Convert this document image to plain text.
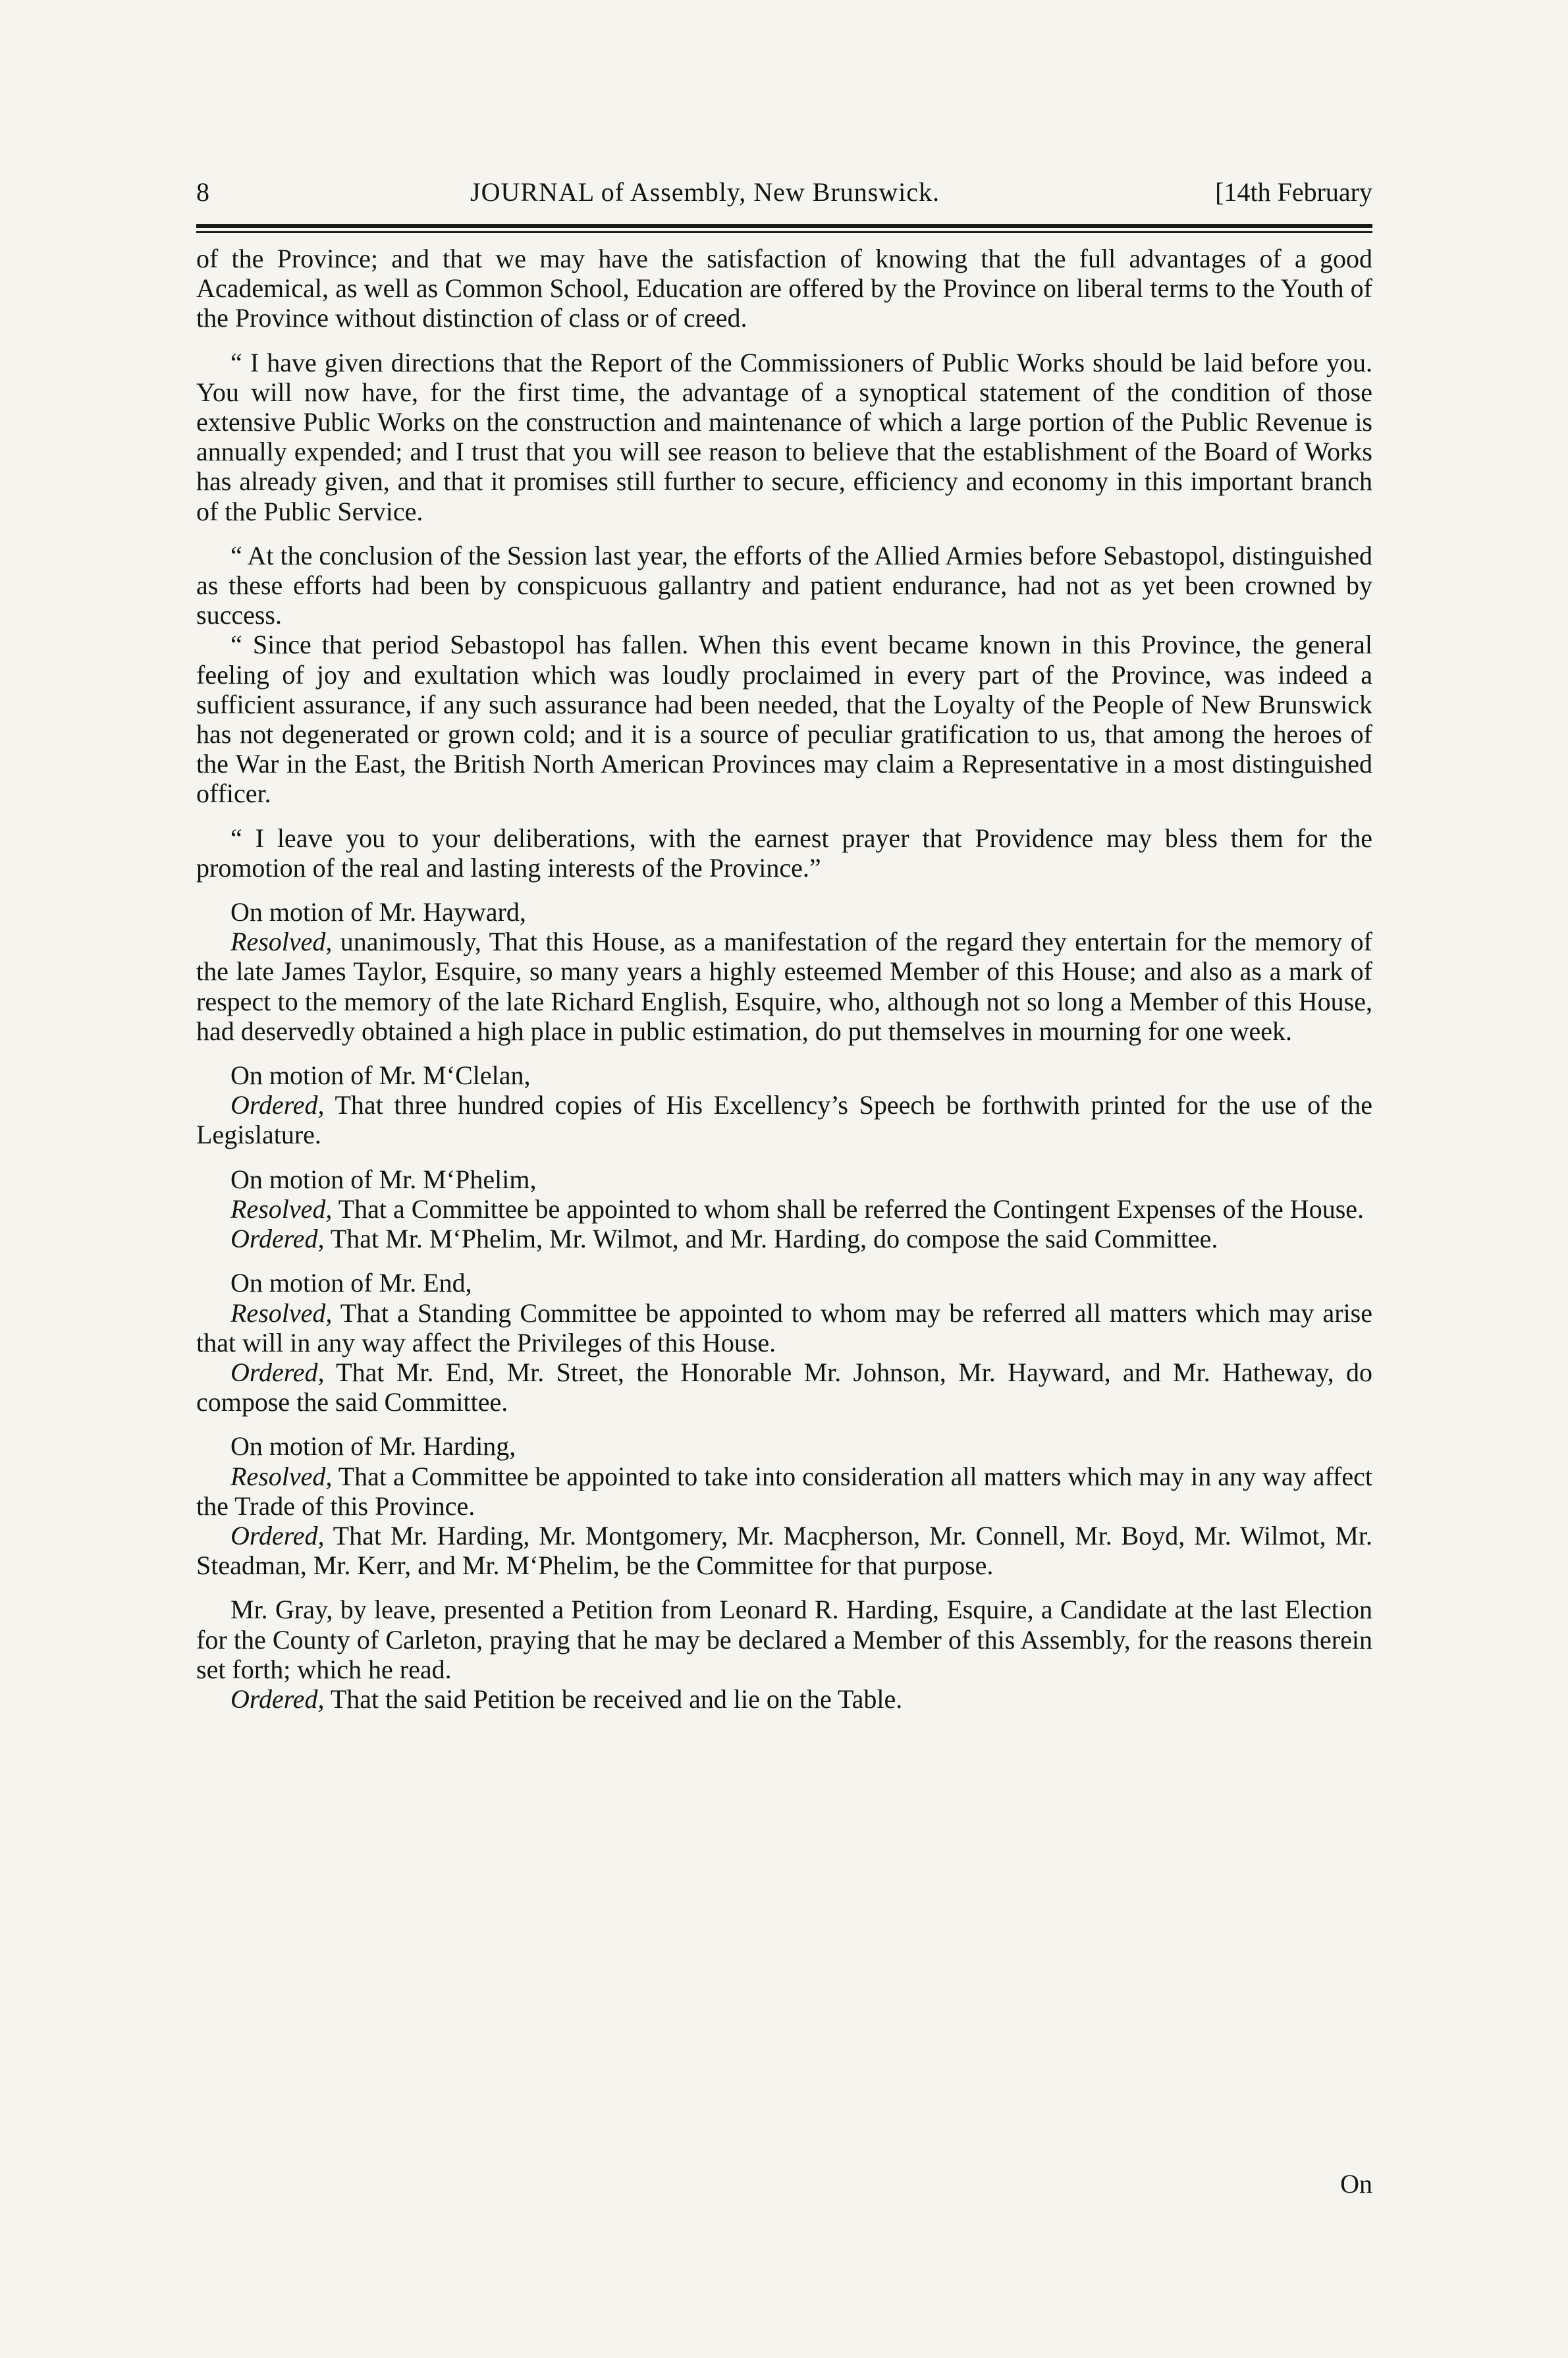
8	JOURNAL of Assembly, New Brunswick.	[14th February

of the Province; and that we may have the satisfaction of knowing that the full advantages of a good Academical, as well as Common School, Education are offered by the Province on liberal terms to the Youth of the Province without distinction of class or of creed.

“ I have given directions that the Report of the Commissioners of Public Works should be laid before you. You will now have, for the first time, the advantage of a synoptical statement of the condition of those extensive Public Works on the construction and maintenance of which a large portion of the Public Revenue is annually expended; and I trust that you will see reason to believe that the establishment of the Board of Works has already given, and that it promises still further to secure, efficiency and economy in this important branch of the Public Service.

“ At the conclusion of the Session last year, the efforts of the Allied Armies before Sebastopol, distinguished as these efforts had been by conspicuous gallantry and patient endurance, had not as yet been crowned by success.

“ Since that period Sebastopol has fallen. When this event became known in this Province, the general feeling of joy and exultation which was loudly proclaimed in every part of the Province, was indeed a sufficient assurance, if any such assurance had been needed, that the Loyalty of the People of New Brunswick has not degenerated or grown cold; and it is a source of peculiar gratification to us, that among the heroes of the War in the East, the British North American Provinces may claim a Representative in a most distinguished officer.

“ I leave you to your deliberations, with the earnest prayer that Providence may bless them for the promotion of the real and lasting interests of the Province.”

On motion of Mr. Hayward,

Resolved, unanimously, That this House, as a manifestation of the regard they entertain for the memory of the late James Taylor, Esquire, so many years a highly esteemed Member of this House; and also as a mark of respect to the memory of the late Richard English, Esquire, who, although not so long a Member of this House, had deservedly obtained a high place in public estimation, do put themselves in mourning for one week.

On motion of Mr. M‘Clelan,

Ordered, That three hundred copies of His Excellency’s Speech be forthwith printed for the use of the Legislature.

On motion of Mr. M‘Phelim,

Resolved, That a Committee be appointed to whom shall be referred the Contingent Expenses of the House.

Ordered, That Mr. M‘Phelim, Mr. Wilmot, and Mr. Harding, do compose the said Committee.

On motion of Mr. End,

Resolved, That a Standing Committee be appointed to whom may be referred all matters which may arise that will in any way affect the Privileges of this House.

Ordered, That Mr. End, Mr. Street, the Honorable Mr. Johnson, Mr. Hayward, and Mr. Hatheway, do compose the said Committee.

On motion of Mr. Harding,

Resolved, That a Committee be appointed to take into consideration all matters which may in any way affect the Trade of this Province.

Ordered, That Mr. Harding, Mr. Montgomery, Mr. Macpherson, Mr. Connell, Mr. Boyd, Mr. Wilmot, Mr. Steadman, Mr. Kerr, and Mr. M‘Phelim, be the Committee for that purpose.

Mr. Gray, by leave, presented a Petition from Leonard R. Harding, Esquire, a Candidate at the last Election for the County of Carleton, praying that he may be declared a Member of this Assembly, for the reasons therein set forth; which he read.

Ordered, That the said Petition be received and lie on the Table.

On
